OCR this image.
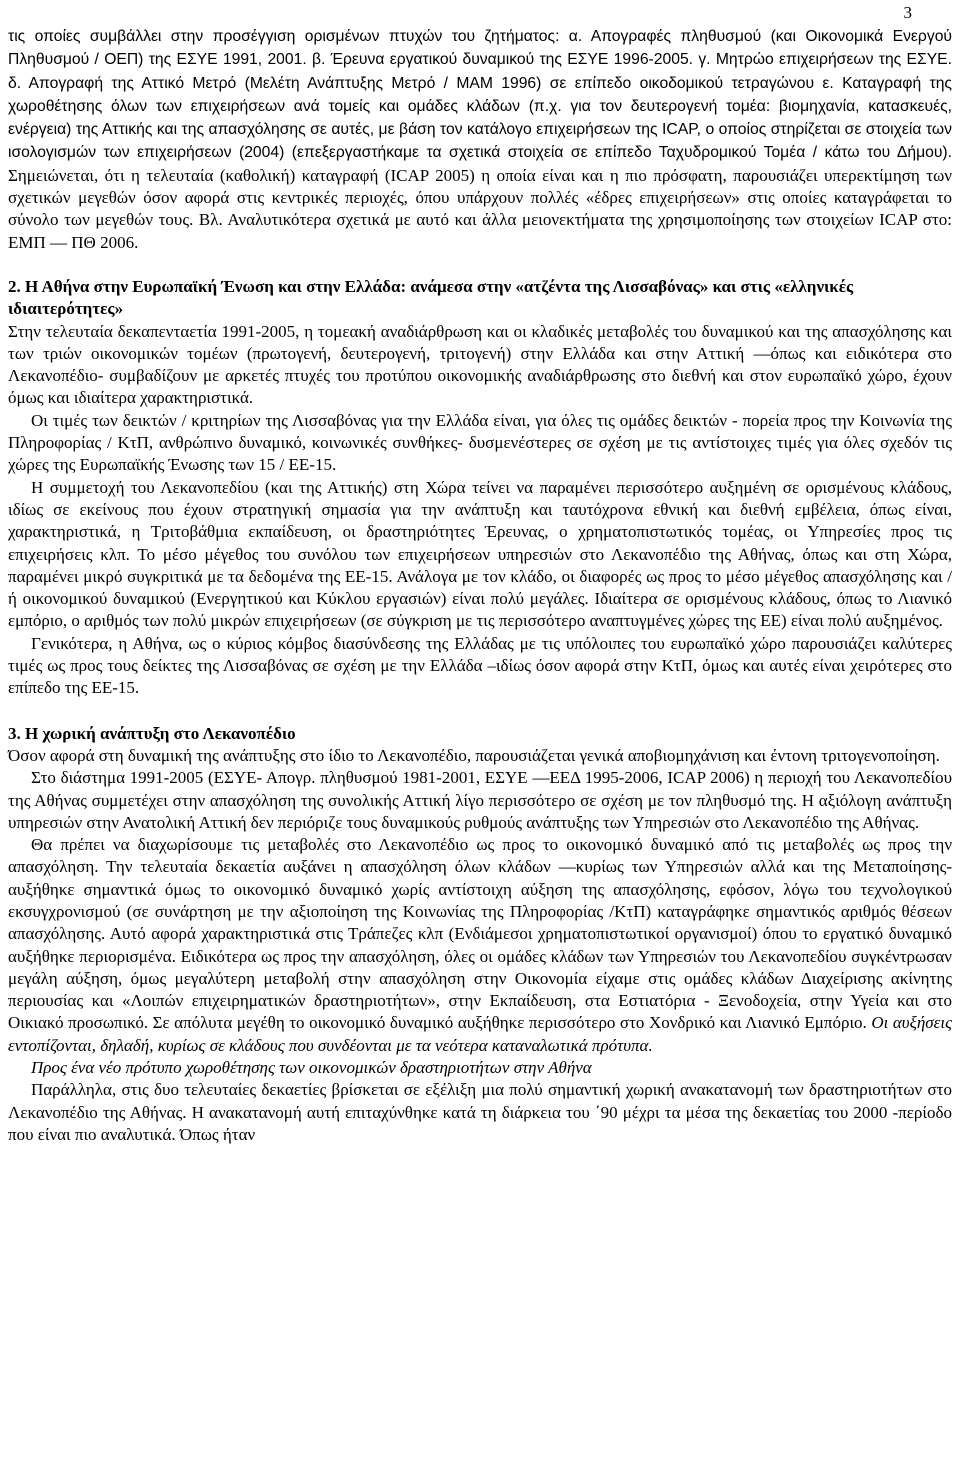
3

τις οποίες συμβάλλει στην προσέγγιση ορισμένων πτυχών του ζητήματος: α. Απογραφές πληθυσμού (και Οικονομικά Ενεργού Πληθυσμού / ΟΕΠ) της ΕΣΥΕ 1991, 2001. β. Έρευνα εργατικού δυναμικού της ΕΣΥΕ 1996-2005. γ. Μητρώο επιχειρήσεων της ΕΣΥΕ. δ. Απογραφή της Αττικό Μετρό (Μελέτη Ανάπτυξης Μετρό / ΜΑΜ 1996) σε επίπεδο οικοδομικού τετραγώνου ε. Καταγραφή της χωροθέτησης όλων των επιχειρήσεων ανά τομείς και ομάδες κλάδων (π.χ. για τον δευτερογενή τομέα: βιομηχανία, κατασκευές, ενέργεια) της Αττικής και της απασχόλησης σε αυτές, με βάση τον κατάλογο επιχειρήσεων της ICAP, ο οποίος στηρίζεται σε στοιχεία των ισολογισμών των επιχειρήσεων (2004) (επεξεργαστήκαμε τα σχετικά στοιχεία σε επίπεδο Ταχυδρομικού Τομέα / κάτω του Δήμου). Σημειώνεται, ότι η τελευταία (καθολική) καταγραφή (ICAP 2005) η οποία είναι και η πιο πρόσφατη, παρουσιάζει υπερεκτίμηση των σχετικών μεγεθών όσον αφορά στις κεντρικές περιοχές, όπου υπάρχουν πολλές «έδρες επιχειρήσεων» στις οποίες καταγράφεται το σύνολο των μεγεθών τους. Βλ. Αναλυτικότερα σχετικά με αυτό και άλλα μειονεκτήματα της χρησιμοποίησης των στοιχείων ICAP στο: ΕΜΠ — ΠΘ 2006.

2. Η Αθήνα στην Ευρωπαϊκή Ένωση και στην Ελλάδα: ανάμεσα στην «ατζέντα της Λισσαβόνας» και στις «ελληνικές ιδιαιτερότητες»

Στην τελευταία δεκαπενταετία 1991-2005, η τομεακή αναδιάρθρωση και οι κλαδικές μεταβολές του δυναμικού και της απασχόλησης και των τριών οικονομικών τομέων (πρωτογενή, δευτερογενή, τριτογενή) στην Ελλάδα και στην Αττική —όπως και ειδικότερα στο Λεκανοπέδιο- συμβαδίζουν με αρκετές πτυχές του προτύπου οικονομικής αναδιάρθρωσης στο διεθνή και στον ευρωπαϊκό χώρο, έχουν όμως και ιδιαίτερα χαρακτηριστικά.

Οι τιμές των δεικτών / κριτηρίων της Λισσαβόνας για την Ελλάδα είναι, για όλες τις ομάδες δεικτών - πορεία προς την Κοινωνία της Πληροφορίας / ΚτΠ, ανθρώπινο δυναμικό, κοινωνικές συνθήκες- δυσμενέστερες σε σχέση με τις αντίστοιχες τιμές για όλες σχεδόν τις χώρες της Ευρωπαϊκής Ένωσης των 15 / ΕΕ-15.

Η συμμετοχή του Λεκανοπεδίου (και της Αττικής) στη Χώρα τείνει να παραμένει περισσότερο αυξημένη σε ορισμένους κλάδους, ιδίως σε εκείνους που έχουν στρατηγική σημασία για την ανάπτυξη και ταυτόχρονα εθνική και διεθνή εμβέλεια, όπως είναι, χαρακτηριστικά, η Τριτοβάθμια εκπαίδευση, οι δραστηριότητες Έρευνας, ο χρηματοπιστωτικός τομέας, οι Υπηρεσίες προς τις επιχειρήσεις κλπ. Το μέσο μέγεθος του συνόλου των επιχειρήσεων υπηρεσιών στο Λεκανοπέδιο της Αθήνας, όπως και στη Χώρα, παραμένει μικρό συγκριτικά με τα δεδομένα της ΕΕ-15. Ανάλογα με τον κλάδο, οι διαφορές ως προς το μέσο μέγεθος απασχόλησης και / ή οικονομικού δυναμικού (Ενεργητικού και Κύκλου εργασιών) είναι πολύ μεγάλες. Ιδιαίτερα σε ορισμένους κλάδους, όπως το Λιανικό εμπόριο, ο αριθμός των πολύ μικρών επιχειρήσεων (σε σύγκριση με τις περισσότερο αναπτυγμένες χώρες της ΕΕ) είναι πολύ αυξημένος.

Γενικότερα, η Αθήνα, ως ο κύριος κόμβος διασύνδεσης της Ελλάδας με τις υπόλοιπες του ευρωπαϊκό χώρο παρουσιάζει καλύτερες τιμές ως προς τους δείκτες της Λισσαβόνας σε σχέση με την Ελλάδα –ιδίως όσον αφορά στην ΚτΠ, όμως και αυτές είναι χειρότερες στο επίπεδο της ΕΕ-15.

3. Η χωρική ανάπτυξη στο Λεκανοπέδιο

Όσον αφορά στη δυναμική της ανάπτυξης στο ίδιο το Λεκανοπέδιο, παρουσιάζεται γενικά αποβιομηχάνιση και έντονη τριτογενοποίηση.

Στο διάστημα 1991-2005 (ΕΣΥΕ- Απογρ. πληθυσμού 1981-2001, ΕΣΥΕ —ΕΕΔ 1995-2006, ICAP 2006) η περιοχή του Λεκανοπεδίου της Αθήνας συμμετέχει στην απασχόληση της συνολικής Αττική λίγο περισσότερο σε σχέση με τον πληθυσμό της. Η αξιόλογη ανάπτυξη υπηρεσιών στην Ανατολική Αττική δεν περιόριζε τους δυναμικούς ρυθμούς ανάπτυξης των Υπηρεσιών στο Λεκανοπέδιο της Αθήνας.

Θα πρέπει να διαχωρίσουμε τις μεταβολές στο Λεκανοπέδιο ως προς το οικονομικό δυναμικό από τις μεταβολές ως προς την απασχόληση. Την τελευταία δεκαετία αυξάνει η απασχόληση όλων κλάδων —κυρίως των Υπηρεσιών αλλά και της Μεταποίησης- αυξήθηκε σημαντικά όμως το οικονομικό δυναμικό χωρίς αντίστοιχη αύξηση της απασχόλησης, εφόσον, λόγω του τεχνολογικού εκσυγχρονισμού (σε συνάρτηση με την αξιοποίηση της Κοινωνίας της Πληροφορίας /ΚτΠ) καταγράφηκε σημαντικός αριθμός θέσεων απασχόλησης. Αυτό αφορά χαρακτηριστικά στις Τράπεζες κλπ (Ενδιάμεσοι χρηματοπιστωτικοί οργανισμοί) όπου το εργατικό δυναμικό αυξήθηκε περιορισμένα. Ειδικότερα ως προς την απασχόληση, όλες οι ομάδες κλάδων των Υπηρεσιών του Λεκανοπεδίου συγκέντρωσαν μεγάλη αύξηση, όμως μεγαλύτερη μεταβολή στην απασχόληση στην Οικονομία είχαμε στις ομάδες κλάδων Διαχείρισης ακίνητης περιουσίας και «Λοιπών επιχειρηματικών δραστηριοτήτων», στην Εκπαίδευση, στα Εστιατόρια - Ξενοδοχεία, στην Υγεία και στο Οικιακό προσωπικό. Σε απόλυτα μεγέθη το οικονομικό δυναμικό αυξήθηκε περισσότερο στο Χονδρικό και Λιανικό Εμπόριο. Οι αυξήσεις εντοπίζονται, δηλαδή, κυρίως σε κλάδους που συνδέονται με τα νεότερα καταναλωτικά πρότυπα.

Προς ένα νέο πρότυπο χωροθέτησης των οικονομικών δραστηριοτήτων στην Αθήνα

Παράλληλα, στις δυο τελευταίες δεκαετίες βρίσκεται σε εξέλιξη μια πολύ σημαντική χωρική ανακατανομή των δραστηριοτήτων στο Λεκανοπέδιο της Αθήνας. Η ανακατανομή αυτή επιταχύνθηκε κατά τη διάρκεια του ΄90 μέχρι τα μέσα της δεκαετίας του 2000 -περίοδο που είναι πιο αναλυτικά. Όπως ήταν
